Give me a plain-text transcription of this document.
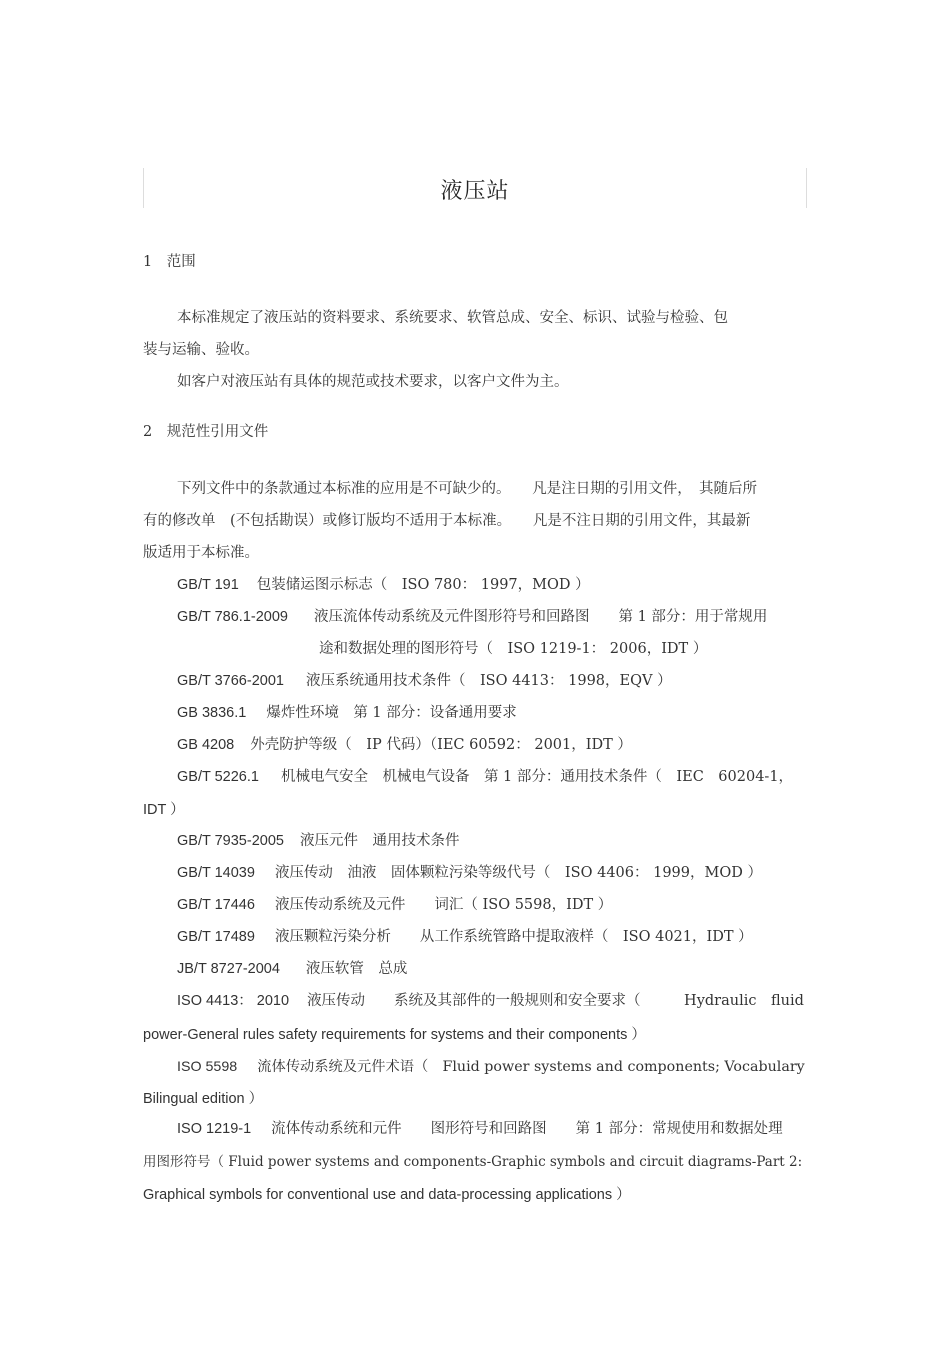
液压站
1　范围
本标准规定了液压站的资料要求、系统要求、软管总成、安全、标识、试验与检验、包
装与运输、验收。
如客户对液压站有具体的规范或技术要求，以客户文件为主。
2　规范性引用文件
下列文件中的条款通过本标准的应用是不可缺少的。　　凡是注日期的引用文件，　其随后所
有的修改单　(不包括勘误）或修订版均不适用于本标准。　　凡是不注日期的引用文件，其最新
版适用于本标准。
GB/T 191 包装储运图示标志（　ISO 780： 1997，MOD ）
GB/T 786.1-2009 液压流体传动系统及元件图形符号和回路图　　第 1 部分：用于常规用
途和数据处理的图形符号（　ISO 1219-1： 2006，IDT ）
GB/T 3766-2001 液压系统通用技术条件（　ISO 4413： 1998，EQV ）
GB 3836.1 爆炸性环境　第 1 部分：设备通用要求
GB 4208 外壳防护等级（　IP 代码）（IEC 60592： 2001，IDT ）
GB/T 5226.1 机械电气安全　机械电气设备　第 1 部分：通用技术条件（　IEC　60204-1，
IDT ）
GB/T 7935-2005 液压元件　通用技术条件
GB/T 14039 液压传动　油液　固体颗粒污染等级代号（　ISO 4406： 1999，MOD ）
GB/T 17446 液压传动系统及元件　　词汇（ ISO 5598，IDT ）
GB/T 17489 液压颗粒污染分析　　从工作系统管路中提取液样（　ISO 4021，IDT ）
JB/T 8727-2004 液压软管　总成
ISO 4413： 2010 液压传动　　系统及其部件的一般规则和安全要求（　　　Hydraulic　fluid
power-General rules safety requirements for systems and their components ）
ISO 5598 流体传动系统及元件术语（　Fluid power systems and components; Vocabulary
Bilingual edition ）
ISO 1219-1 流体传动系统和元件　　图形符号和回路图　　第 1 部分：常规使用和数据处理
用图形符号（ Fluid power systems and components-Graphic symbols and circuit diagrams-Part 2:
Graphical symbols for conventional use and data-processing applications ）
